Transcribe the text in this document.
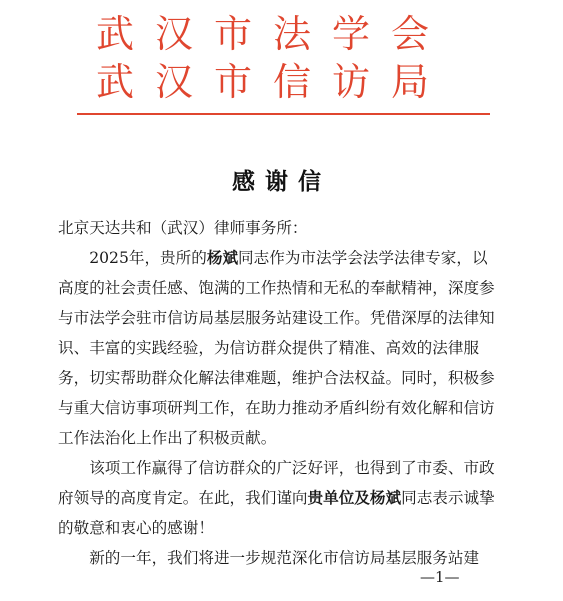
武汉市法学会
武汉市信访局
感谢信

北京天达共和（武汉）律师事务所：

2025年，贵所的杨斌同志作为市法学会法学法律专家，以高度的社会责任感、饱满的工作热情和无私的奉献精神，深度参与市法学会驻市信访局基层服务站建设工作。凭借深厚的法律知识、丰富的实践经验，为信访群众提供了精准、高效的法律服务，切实帮助群众化解法律难题，维护合法权益。同时，积极参与重大信访事项研判工作，在助力推动矛盾纠纷有效化解和信访工作法治化上作出了积极贡献。

该项工作赢得了信访群众的广泛好评，也得到了市委、市政府领导的高度肯定。在此，我们谨向贵单位及杨斌同志表示诚挚的敬意和衷心的感谢！

新的一年，我们将进一步规范深化市信访局基层服务站建

—1—
